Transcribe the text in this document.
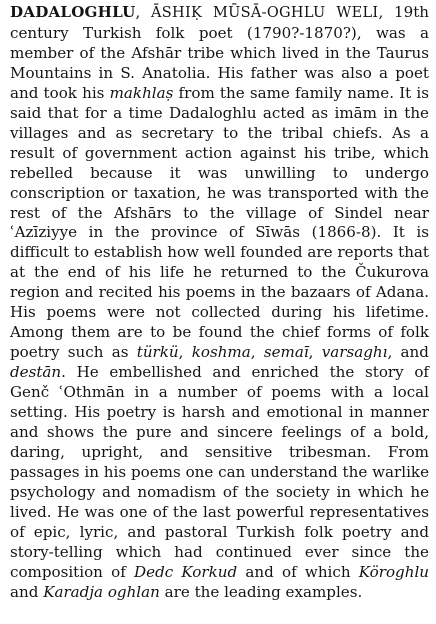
DADALOGHLU, ĀSHIḲ MŪSĀ-OGHLU WELI, 19th century Turkish folk poet (1790?-1870?), was a member of the Afshār tribe which lived in the Taurus Mountains in S. Anatolia. His father was also a poet and took his makhlaṣ from the same family name. It is said that for a time Dadaloghlu acted as imām in the villages and as secretary to the tribal chiefs. As a result of government action against his tribe, which rebelled because it was unwilling to undergo conscription or taxation, he was transported with the rest of the Afshārs to the village of Sindel near ʿAzīziyye in the province of Sīwās (1866-8). It is difficult to establish how well founded are reports that at the end of his life he returned to the Čukurova region and recited his poems in the bazaars of Adana. His poems were not collected during his lifetime. Among them are to be found the chief forms of folk poetry such as türkü, koshma, semaī, varsaghı, and destān. He embellished and enriched the story of Genč ʿOthmān in a number of poems with a local setting. His poetry is harsh and emotional in manner and shows the pure and sincere feelings of a bold, daring, upright, and sensitive tribesman. From passages in his poems one can understand the warlike psychology and nomadism of the society in which he lived. He was one of the last powerful representatives of epic, lyric, and pastoral Turkish folk poetry and story-telling which had continued ever since the composition of Dedc Korkud and of which Köroghlu and Karadja oghlan are the leading examples.
